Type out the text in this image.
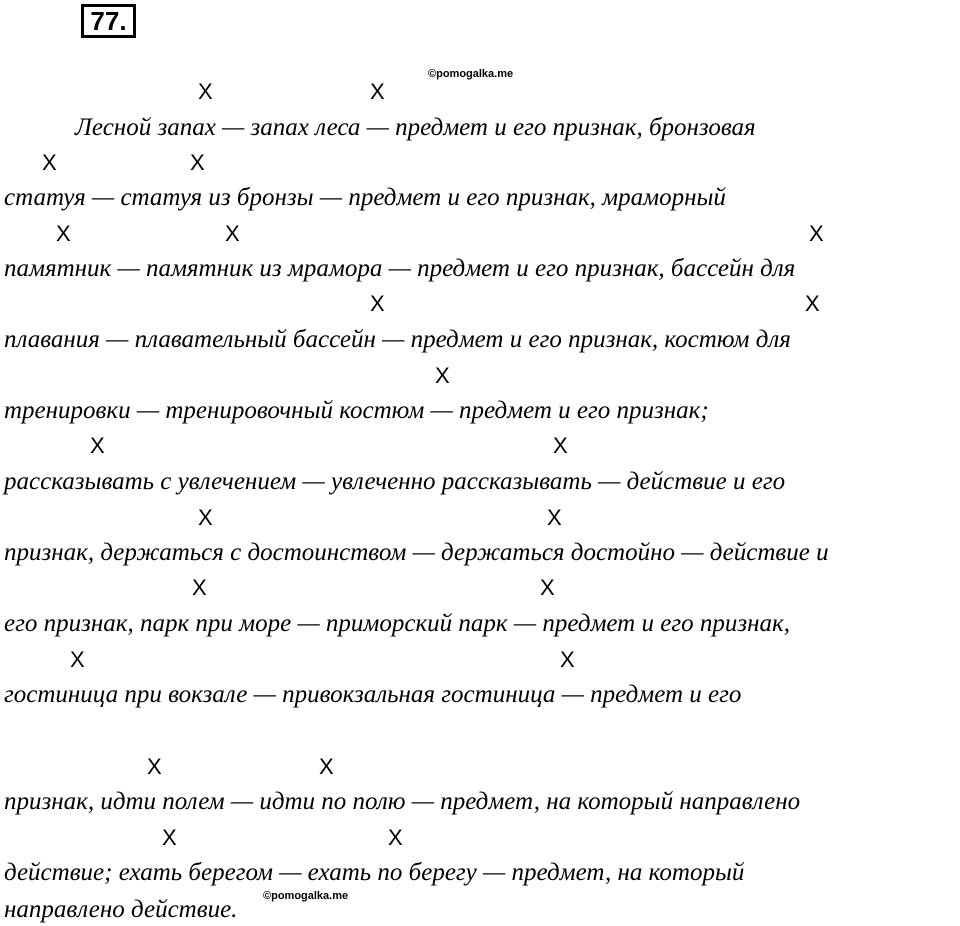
77.
©pomogalka.me
X	X
Лесной запах — запах леса — предмет и его признак, бронзовая
X	X
статуя — статуя из бронзы — предмет и его признак, мраморный
X	X	X
памятник — памятник из мрамора — предмет и его признак, бассейн для
X	X
плавания — плавательный бассейн — предмет и его признак, костюм для
X
тренировки — тренировочный костюм — предмет и его признак;
X	X
рассказывать с увлечением — увлеченно рассказывать — действие и его
X	X
признак, держаться с достоинством — держаться достойно — действие и
X	X
его признак, парк при море — приморский парк — предмет и его признак,
X	X
гостиница при вокзале — привокзальная гостиница — предмет и его
X	X
признак, идти полем — идти по полю — предмет, на который направлено
X	X
действие; ехать берегом — ехать по берегу — предмет, на который
©pomogalka.me
направлено действие.
